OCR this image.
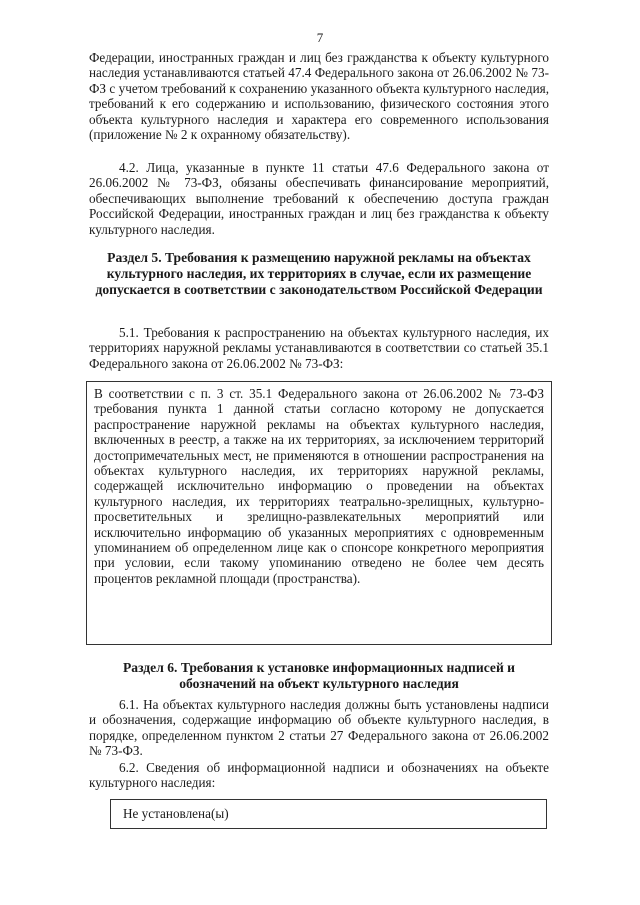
7
Федерации, иностранных граждан и лиц без гражданства к объекту культурного наследия устанавливаются статьей 47.4 Федерального закона от 26.06.2002 № 73-ФЗ с учетом требований к сохранению указанного объекта культурного наследия, требований к его содержанию и использованию, физического состояния этого объекта культурного наследия и характера его современного использования (приложение № 2 к охранному обязательству).
4.2. Лица, указанные в пункте 11 статьи 47.6 Федерального закона от 26.06.2002 № 73-ФЗ, обязаны обеспечивать финансирование мероприятий, обеспечивающих выполнение требований к обеспечению доступа граждан Российской Федерации, иностранных граждан и лиц без гражданства к объекту культурного наследия.
Раздел 5. Требования к размещению наружной рекламы на объектах культурного наследия, их территориях в случае, если их размещение допускается в соответствии с законодательством Российской Федерации
5.1. Требования к распространению на объектах культурного наследия, их территориях наружной рекламы устанавливаются в соответствии со статьей 35.1 Федерального закона от 26.06.2002 № 73-ФЗ:
В соответствии с п. 3 ст. 35.1 Федерального закона от 26.06.2002 № 73-ФЗ требования пункта 1 данной статьи согласно которому не допускается распространение наружной рекламы на объектах культурного наследия, включенных в реестр, а также на их территориях, за исключением территорий достопримечательных мест, не применяются в отношении распространения на объектах культурного наследия, их территориях наружной рекламы, содержащей исключительно информацию о проведении на объектах культурного наследия, их территориях театрально-зрелищных, культурно-просветительных и зрелищно-развлекательных мероприятий или исключительно информацию об указанных мероприятиях с одновременным упоминанием об определенном лице как о спонсоре конкретного мероприятия при условии, если такому упоминанию отведено не более чем десять процентов рекламной площади (пространства).
Раздел 6. Требования к установке информационных надписей и обозначений на объект культурного наследия
6.1. На объектах культурного наследия должны быть установлены надписи и обозначения, содержащие информацию об объекте культурного наследия, в порядке, определенном пунктом 2 статьи 27 Федерального закона от 26.06.2002 № 73-ФЗ.
6.2. Сведения об информационной надписи и обозначениях на объекте культурного наследия:
Не установлена(ы)
